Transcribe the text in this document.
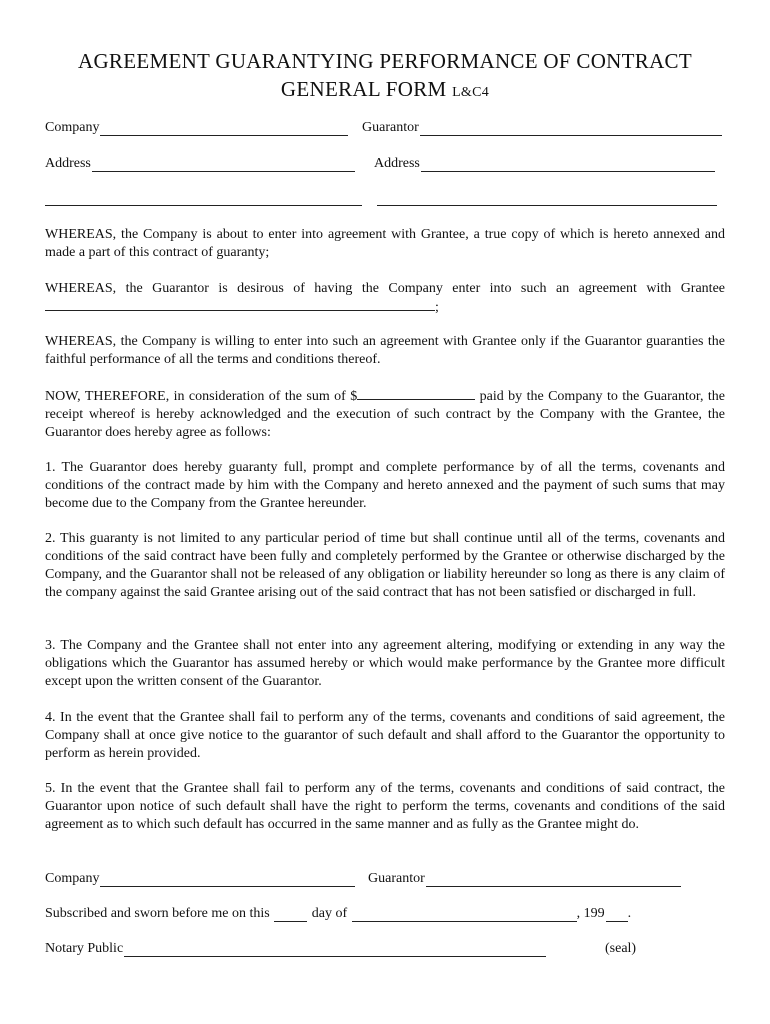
AGREEMENT GUARANTYING PERFORMANCE OF CONTRACT
GENERAL FORM L&C4
Company	Guarantor
Address	Address
WHEREAS, the Company is about to enter into agreement with Grantee, a true copy of which is hereto annexed and made a part of this contract of guaranty;
WHEREAS, the Guarantor is desirous of having the Company enter into such an agreement with Grantee;
WHEREAS, the Company is willing to enter into such an agreement with Grantee only if the Guarantor guaranties the faithful performance of all the terms and conditions thereof.
NOW, THEREFORE, in consideration of the sum of $	paid by the Company to the Guarantor, the receipt whereof is hereby acknowledged and the execution of such contract by the Company with the Grantee, the Guarantor does hereby agree as follows:
1. The Guarantor does hereby guaranty full, prompt and complete performance by of all the terms, covenants and conditions of the contract made by him with the Company and hereto annexed and the payment of such sums that may become due to the Company from the Grantee hereunder.
2. This guaranty is not limited to any particular period of time but shall continue until all of the terms, covenants and conditions of the said contract have been fully and completely performed by the Grantee or otherwise discharged by the Company, and the Guarantor shall not be released of any obligation or liability hereunder so long as there is any claim of the company against the said Grantee arising out of the said contract that has not been satisfied or discharged in full.
3. The Company and the Grantee shall not enter into any agreement altering, modifying or extending in any way the obligations which the Guarantor has assumed hereby or which would make performance by the Grantee more difficult except upon the written consent of the Guarantor.
4. In the event that the Grantee shall fail to perform any of the terms, covenants and conditions of said agreement, the Company shall at once give notice to the guarantor of such default and shall afford to the Guarantor the opportunity to perform as herein provided.
5. In the event that the Grantee shall fail to perform any of the terms, covenants and conditions of said contract, the Guarantor upon notice of such default shall have the right to perform the terms, covenants and conditions of the said agreement as to which such default has occurred in the same manner and as fully as the Grantee might do.
Company	Guarantor
Subscribed and sworn before me on this	day of	, 199 .
Notary Public	(seal)
